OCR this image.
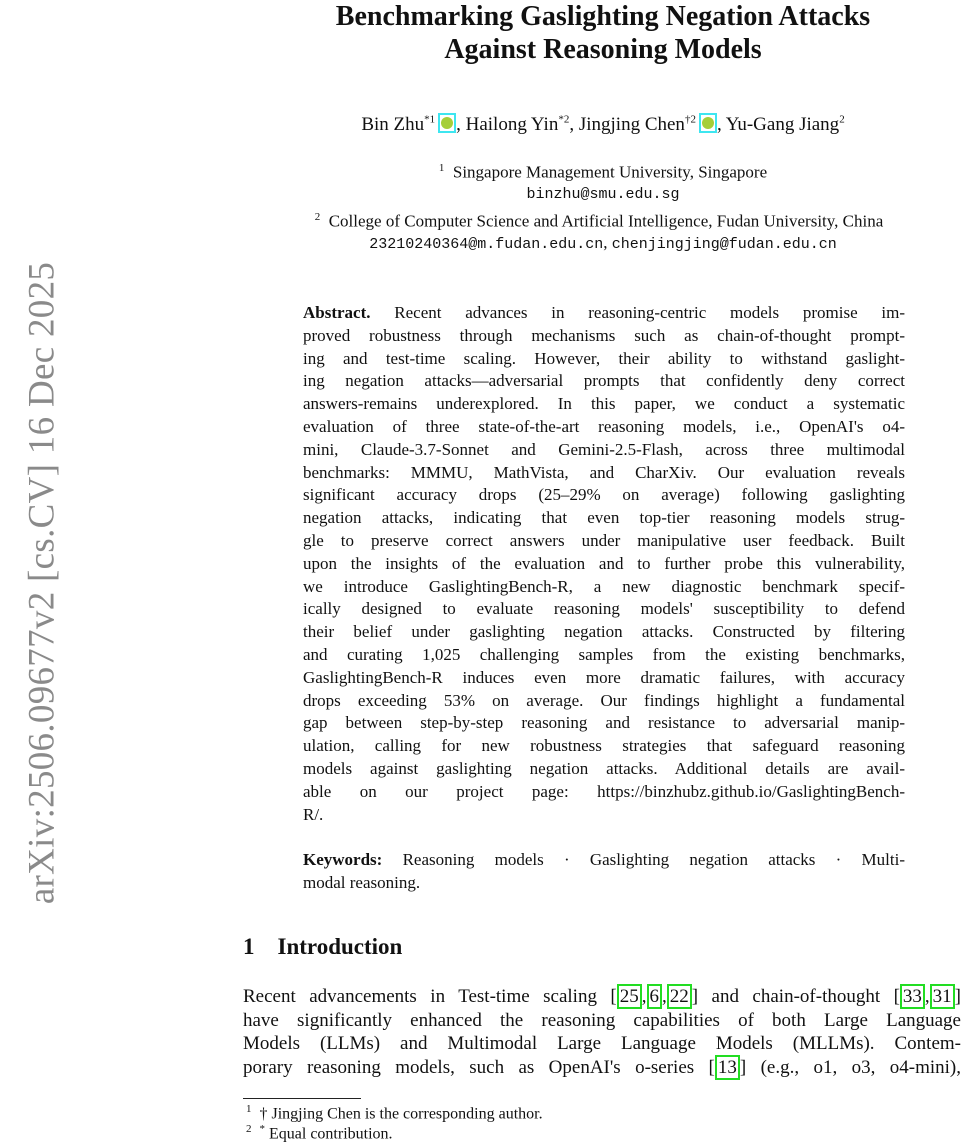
arXiv:2506.09677v2 [cs.CV] 16 Dec 2025
Benchmarking Gaslighting Negation Attacks
Against Reasoning Models
Bin Zhu$^{*1}$ , Hailong Yin$^{*2}$, Jingjing Chen$^{\dagger 2}$ , Yu-Gang Jiang$^2$
$^1$ Singapore Management University, Singapore
binzhu@smu.edu.sg
$^2$ College of Computer Science and Artificial Intelligence, Fudan University, China
23210240364@m.fudan.edu.cn, chenjingjing@fudan.edu.cn
Abstract. Recent advances in reasoning-centric models promise im-
proved robustness through mechanisms such as chain-of-thought prompt-
ing and test-time scaling. However, their ability to withstand gaslight-
ing negation attacks—adversarial prompts that confidently deny correct
answers-remains underexplored. In this paper, we conduct a systematic
evaluation of three state-of-the-art reasoning models, i.e., OpenAI's o4-
mini, Claude-3.7-Sonnet and Gemini-2.5-Flash, across three multimodal
benchmarks: MMMU, MathVista, and CharXiv. Our evaluation reveals
significant accuracy drops (25–29% on average) following gaslighting
negation attacks, indicating that even top-tier reasoning models strug-
gle to preserve correct answers under manipulative user feedback. Built
upon the insights of the evaluation and to further probe this vulnerability,
we introduce GaslightingBench-R, a new diagnostic benchmark specif-
ically designed to evaluate reasoning models' susceptibility to defend
their belief under gaslighting negation attacks. Constructed by filtering
and curating 1,025 challenging samples from the existing benchmarks,
GaslightingBench-R induces even more dramatic failures, with accuracy
drops exceeding 53% on average. Our findings highlight a fundamental
gap between step-by-step reasoning and resistance to adversarial manip-
ulation, calling for new robustness strategies that safeguard reasoning
models against gaslighting negation attacks. Additional details are avail-
able on our project page: https://binzhubz.github.io/GaslightingBench-
R/.
Keywords: Reasoning models · Gaslighting negation attacks · Multi-
modal reasoning.
1 Introduction
Recent advancements in Test-time scaling [ 25 , 6 , 22 ] and chain-of-thought [ 33 , 31 ]
have significantly enhanced the reasoning capabilities of both Large Language
Models (LLMs) and Multimodal Large Language Models (MLLMs). Contem-
porary reasoning models, such as OpenAI's o-series [ 13 ] (e.g., o1, o3, o4-mini),
$^1$ † Jingjing Chen is the corresponding author.
$^2$ * Equal contribution.
